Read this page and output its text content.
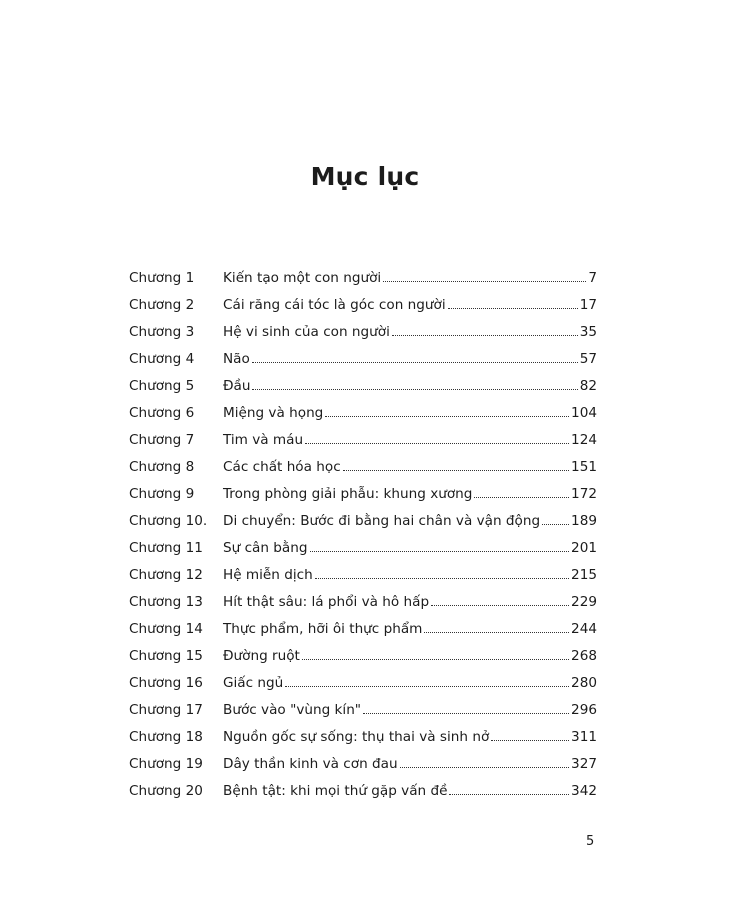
Mục lục
Chương 1	Kiến tạo một con người	7
Chương 2	Cái răng cái tóc là góc con người	17
Chương 3	Hệ vi sinh của con người	35
Chương 4	Não	57
Chương 5	Đầu	82
Chương 6	Miệng và họng	104
Chương 7	Tim và máu	124
Chương 8	Các chất hóa học	151
Chương 9	Trong phòng giải phẫu: khung xương	172
Chương 10.	Di chuyển: Bước đi bằng hai chân và vận động 189
Chương 11	Sự cân bằng	201
Chương 12	Hệ miễn dịch	215
Chương 13	Hít thật sâu: lá phổi và hô hấp	229
Chương 14	Thực phẩm, hỡi ôi thực phẩm	244
Chương 15	Đường ruột	268
Chương 16	Giấc ngủ	280
Chương 17	Bước vào "vùng kín"	296
Chương 18	Nguồn gốc sự sống: thụ thai và sinh nở	311
Chương 19	Dây thần kinh và cơn đau	327
Chương 20	Bệnh tật: khi mọi thứ gặp vấn đề	342
5
